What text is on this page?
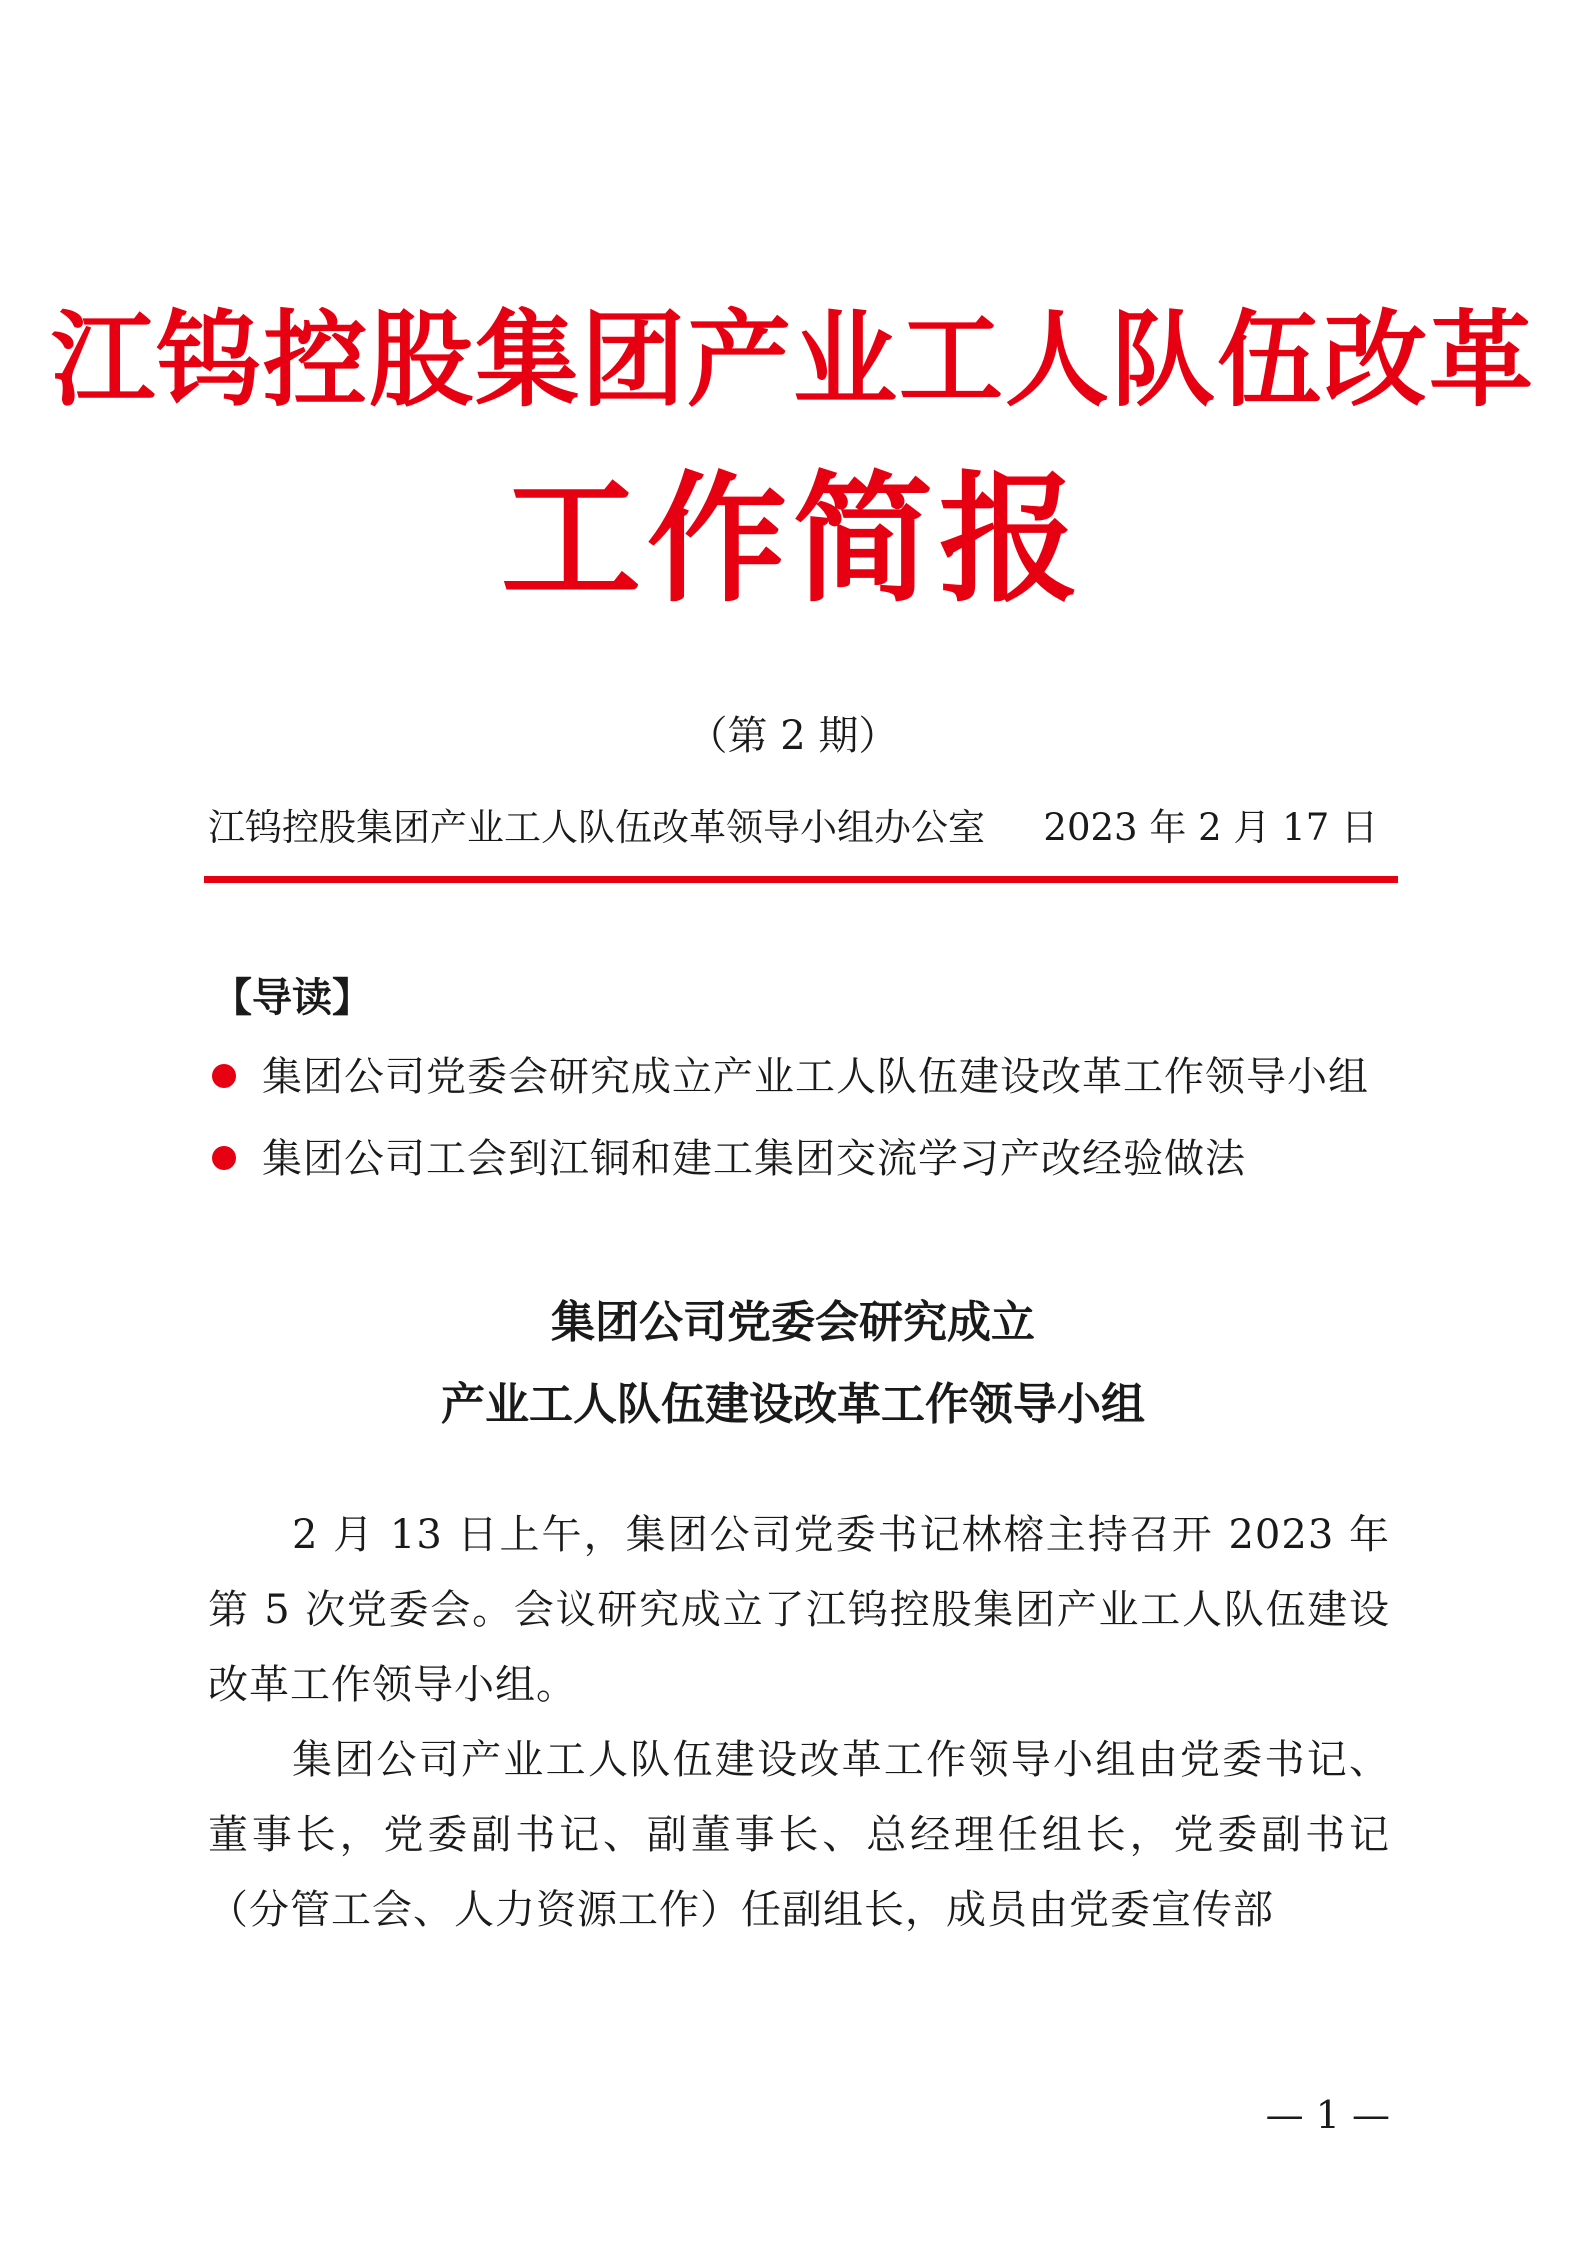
江钨控股集团产业工人队伍改革
工作简报
（第 2 期）
江钨控股集团产业工人队伍改革领导小组办公室 2023 年 2 月 17 日
【导读】
集团公司党委会研究成立产业工人队伍建设改革工作领导小组
集团公司工会到江铜和建工集团交流学习产改经验做法
集团公司党委会研究成立
产业工人队伍建设改革工作领导小组

2 月 13 日上午，集团公司党委书记林榕主持召开 2023 年第 5 次党委会。会议研究成立了江钨控股集团产业工人队伍建设改革工作领导小组。

集团公司产业工人队伍建设改革工作领导小组由党委书记、董事长，党委副书记、副董事长、总经理任组长，党委副书记（分管工会、人力资源工作）任副组长，成员由党委宣传部

— 1 —
